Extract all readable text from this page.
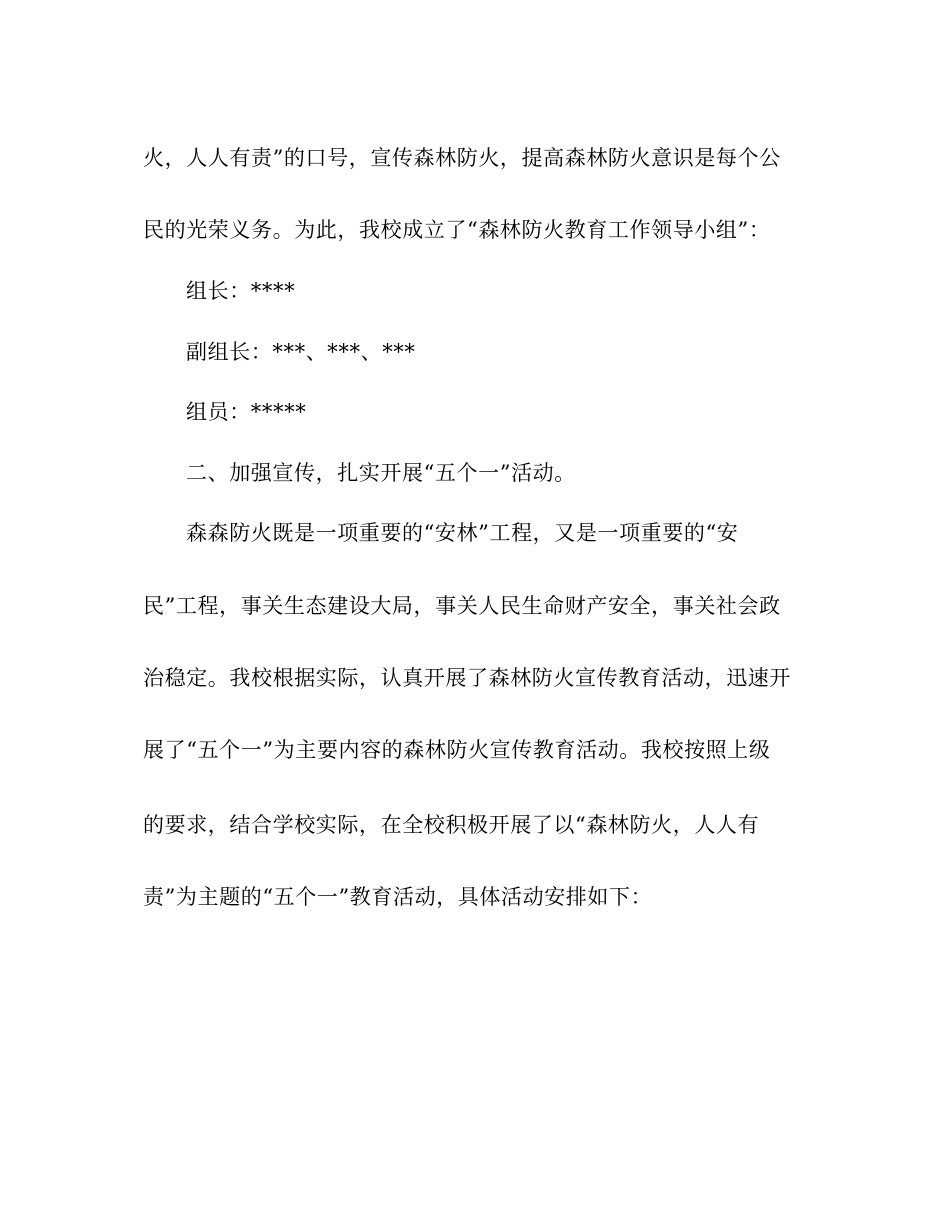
火，人人有责”的口号，宣传森林防火，提高森林防火意识是每个公
民的光荣义务。为此，我校成立了“森林防火教育工作领导小组”：
组长：****
副组长：***、***、***
组员：*****
二、加强宣传，扎实开展“五个一”活动。
森森防火既是一项重要的“安林”工程，又是一项重要的“安
民”工程，事关生态建设大局，事关人民生命财产安全，事关社会政
治稳定。我校根据实际，认真开展了森林防火宣传教育活动，迅速开
展了“五个一”为主要内容的森林防火宣传教育活动。我校按照上级
的要求，结合学校实际，在全校积极开展了以“森林防火，人人有
责”为主题的“五个一”教育活动，具体活动安排如下：
